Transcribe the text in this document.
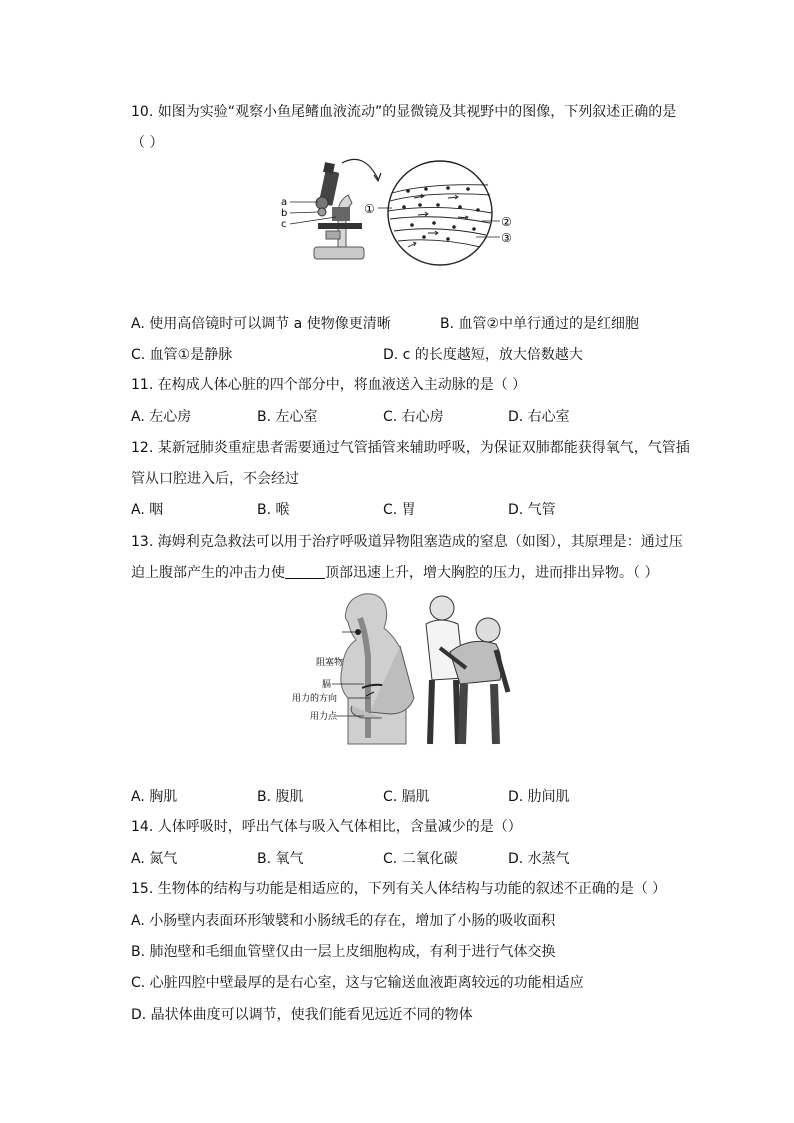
10. 如图为实验“观察小鱼尾鳍血液流动”的显微镜及其视野中的图像，下列叙述正确的是
（ ）
a
b
c
①
②
③
A. 使用高倍镜时可以调节 a 使物像更清晰	B. 血管②中单行通过的是红细胞
C. 血管①是静脉	D. c 的长度越短，放大倍数越大
11. 在构成人体心脏的四个部分中，将血液送入主动脉的是（ ）
A. 左心房	B. 左心室	C. 右心房	D. 右心室
12. 某新冠肺炎重症患者需要通过气管插管来辅助呼吸，为保证双肺都能获得氧气，气管插
管从口腔进入后，不会经过
A. 咽	B. 喉	C. 胃	D. 气管
13. 海姆利克急救法可以用于治疗呼吸道异物阻塞造成的窒息（如图），其原理是：通过压
迫上腹部产生的冲击力使	顶部迅速上升，增大胸腔的压力，进而排出异物。（ ）
阻塞物
膈
用力的方向
用力点
A. 胸肌	B. 腹肌	C. 膈肌	D. 肋间肌
14. 人体呼吸时，呼出气体与吸入气体相比，含量减少的是（）
A. 氮气	B. 氧气	C. 二氧化碳	D. 水蒸气
15. 生物体的结构与功能是相适应的，下列有关人体结构与功能的叙述不正确的是（ ）
A. 小肠壁内表面环形皱襞和小肠绒毛的存在，增加了小肠的吸收面积
B. 肺泡壁和毛细血管壁仅由一层上皮细胞构成，有利于进行气体交换
C. 心脏四腔中壁最厚的是右心室，这与它输送血液距离较远的功能相适应
D. 晶状体曲度可以调节，使我们能看见远近不同的物体
